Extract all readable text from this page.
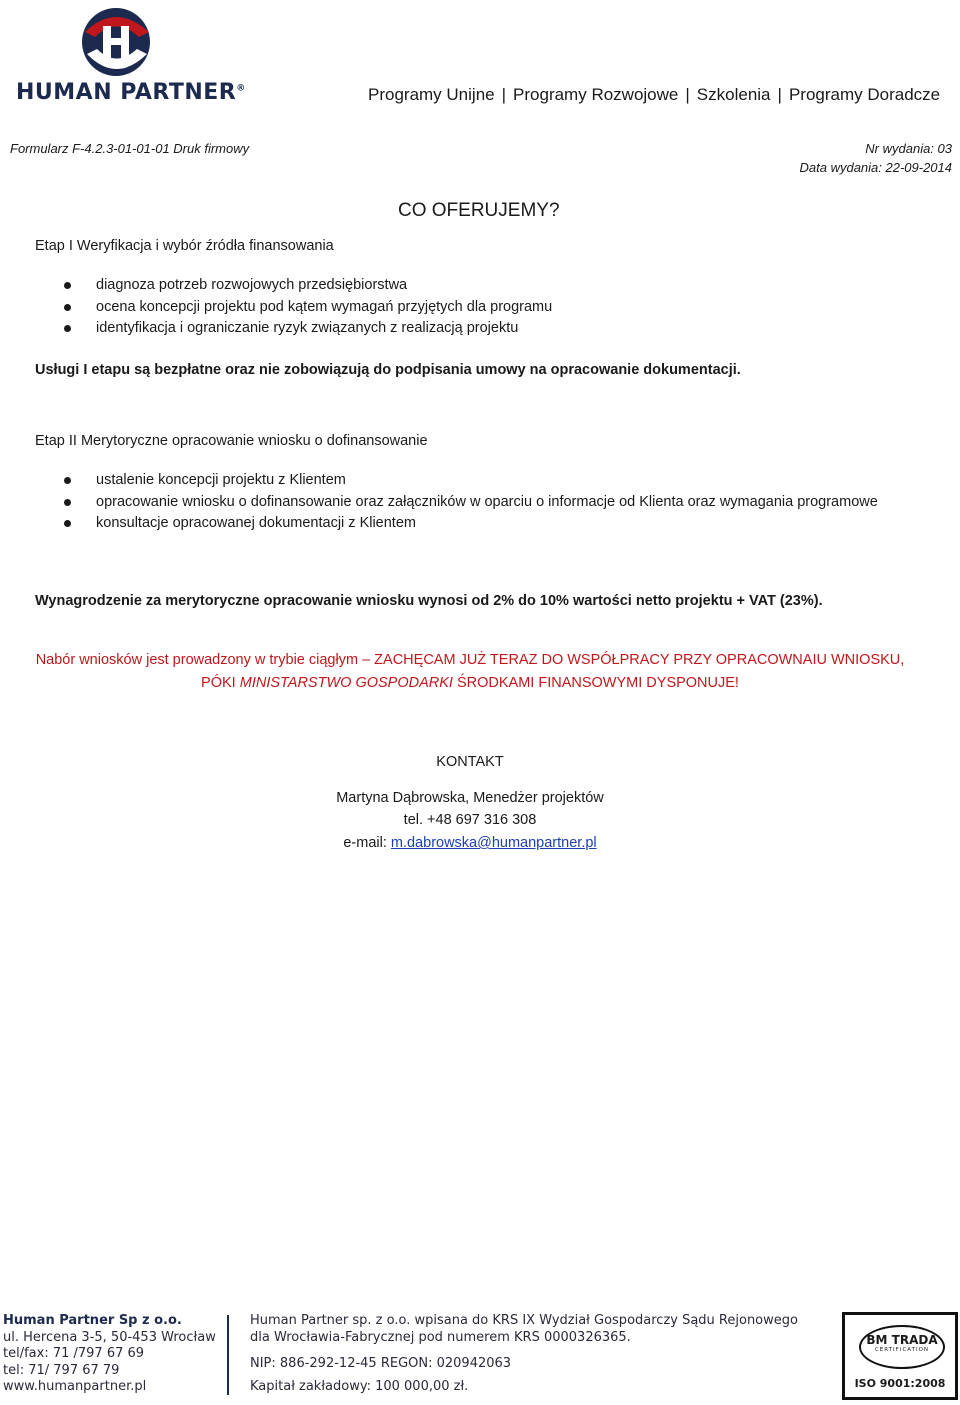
HUMAN PARTNER®	Programy Unijne | Programy Rozwojowe | Szkolenia | Programy Doradcze
Formularz F-4.2.3-01-01-01 Druk firmowy	Nr wydania: 03
Data wydania: 22-09-2014
CO OFERUJEMY?
Etap I Weryfikacja i wybór źródła finansowania
diagnoza potrzeb rozwojowych przedsiębiorstwa
ocena koncepcji projektu pod kątem wymagań przyjętych dla programu
identyfikacja i ograniczanie ryzyk związanych z realizacją projektu
Usługi I etapu są bezpłatne oraz nie zobowiązują do podpisania umowy na opracowanie dokumentacji.
Etap II Merytoryczne opracowanie wniosku o dofinansowanie
ustalenie koncepcji projektu z Klientem
opracowanie wniosku o dofinansowanie oraz załączników w oparciu o informacje od Klienta oraz wymagania programowe
konsultacje opracowanej dokumentacji z Klientem
Wynagrodzenie za merytoryczne opracowanie wniosku wynosi od 2% do 10% wartości netto projektu + VAT (23%).
Nabór wniosków jest prowadzony w trybie ciągłym – ZACHĘCAM JUŻ TERAZ DO WSPÓŁPRACY PRZY OPRACOWNAIU WNIOSKU, PÓKI MINISTARSTWO GOSPODARKI ŚRODKAMI FINANSOWYMI DYSPONUJE!
KONTAKT
Martyna Dąbrowska, Menedżer projektów
tel. +48 697 316 308
e-mail: m.dabrowska@humanpartner.pl
Human Partner Sp z o.o.
ul. Hercena 3-5, 50-453 Wrocław
tel/fax: 71 /797 67 69
tel: 71/ 797 67 79
www.humanpartner.pl
Human Partner sp. z o.o. wpisana do KRS IX Wydział Gospodarczy Sądu Rejonowego
dla Wrocławia-Fabrycznej pod numerem KRS 0000326365.
NIP: 886-292-12-45 REGON: 020942063
Kapitał zakładowy: 100 000,00 zł.
BM TRADA
CERTIFICATION
ISO 9001:2008
